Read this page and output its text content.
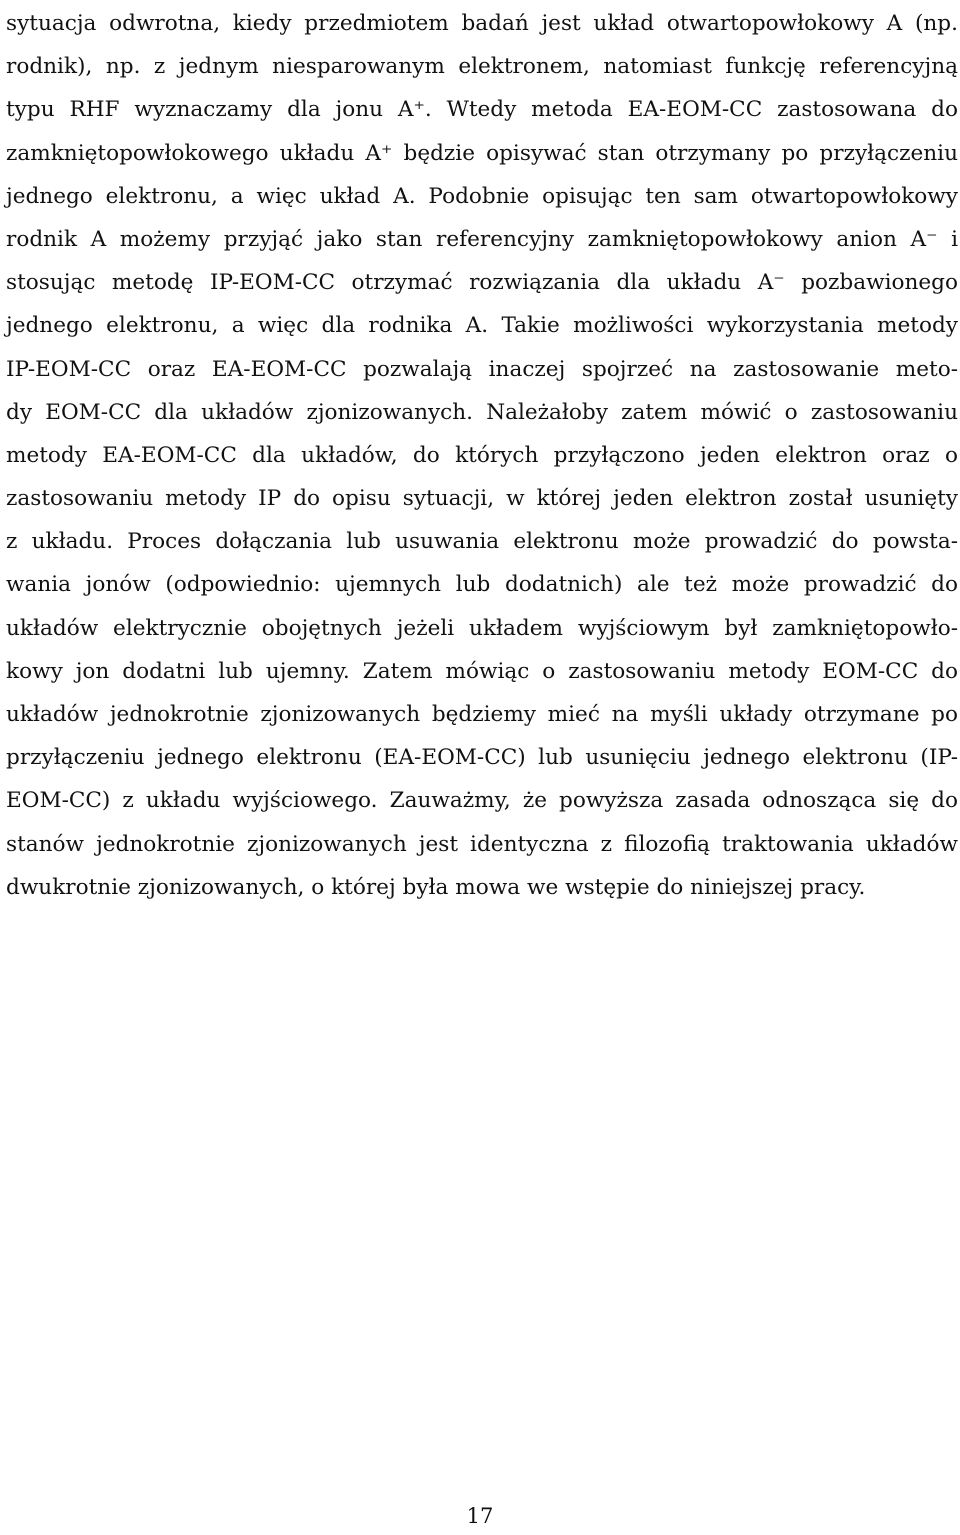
sytuacja odwrotna, kiedy przedmiotem badań jest układ otwartopowłokowy A (np.
rodnik), np. z jednym niesparowanym elektronem, natomiast funkcję referencyjną
typu RHF wyznaczamy dla jonu A⁺. Wtedy metoda EA-EOM-CC zastosowana do
zamkniętopowłokowego układu A⁺ będzie opisywać stan otrzymany po przyłączeniu
jednego elektronu, a więc układ A. Podobnie opisując ten sam otwartopowłokowy
rodnik A możemy przyjąć jako stan referencyjny zamkniętopowłokowy anion A⁻ i
stosując metodę IP-EOM-CC otrzymać rozwiązania dla układu A⁻ pozbawionego
jednego elektronu, a więc dla rodnika A. Takie możliwości wykorzystania metody
IP-EOM-CC oraz EA-EOM-CC pozwalają inaczej spojrzeć na zastosowanie meto-
dy EOM-CC dla układów zjonizowanych. Należałoby zatem mówić o zastosowaniu
metody EA-EOM-CC dla układów, do których przyłączono jeden elektron oraz o
zastosowaniu metody IP do opisu sytuacji, w której jeden elektron został usunięty
z układu. Proces dołączania lub usuwania elektronu może prowadzić do powsta-
wania jonów (odpowiednio: ujemnych lub dodatnich) ale też może prowadzić do
układów elektrycznie obojętnych jeżeli układem wyjściowym był zamkniętopowło-
kowy jon dodatni lub ujemny. Zatem mówiąc o zastosowaniu metody EOM-CC do
układów jednokrotnie zjonizowanych będziemy mieć na myśli układy otrzymane po
przyłączeniu jednego elektronu (EA-EOM-CC) lub usunięciu jednego elektronu (IP-
EOM-CC) z układu wyjściowego. Zauważmy, że powyższa zasada odnosząca się do
stanów jednokrotnie zjonizowanych jest identyczna z filozofią traktowania układów
dwukrotnie zjonizowanych, o której była mowa we wstępie do niniejszej pracy.
17
